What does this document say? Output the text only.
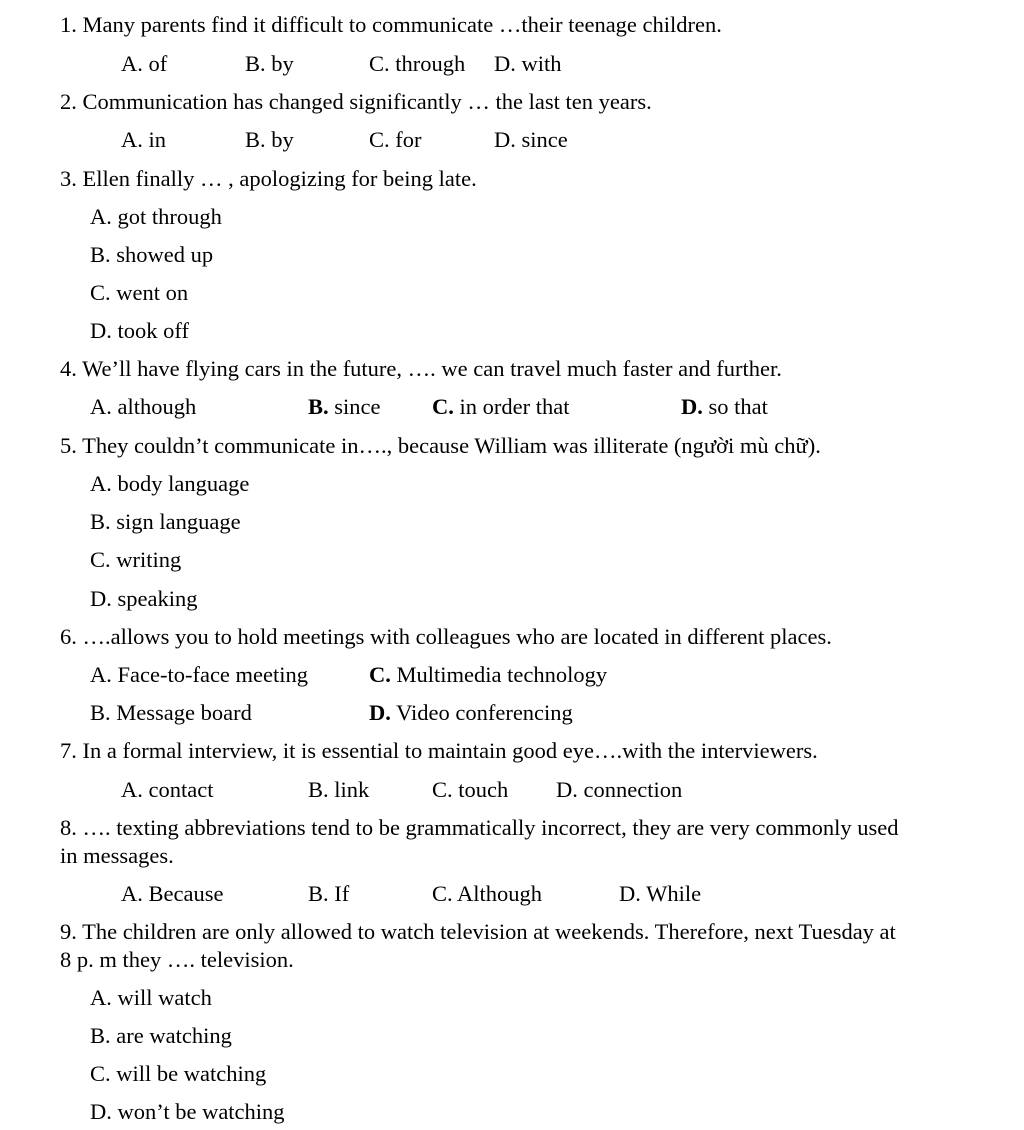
1. Many parents find it difficult to communicate …their teenage children.
A. of	B. by	C. through D. with
2. Communication has changed significantly … the last ten years.
A. in	B. by	C. for	D. since
3. Ellen finally … , apologizing for being late.
A. got through
B. showed up
C. went on
D. took off
4. We’ll have flying cars in the future, …. we can travel much faster and further.
A. although	B. since C. in order that	D. so that
5. They couldn’t communicate in…., because William was illiterate (người mù chữ).
A. body language
B. sign language
C. writing
D. speaking
6. ….allows you to hold meetings with colleagues who are located in different places.
A. Face-to-face meeting	C. Multimedia technology
B. Message board	D. Video conferencing
7. In a formal interview, it is essential to maintain good eye….with the interviewers.
A. contact	B. link	C. touch D. connection
8. …. texting abbreviations tend to be grammatically incorrect, they are very commonly used
in messages.
A. Because	B. If	C. Although	D. While
9. The children are only allowed to watch television at weekends. Therefore, next Tuesday at
8 p. m they …. television.
A. will watch
B. are watching
C. will be watching
D. won’t be watching
